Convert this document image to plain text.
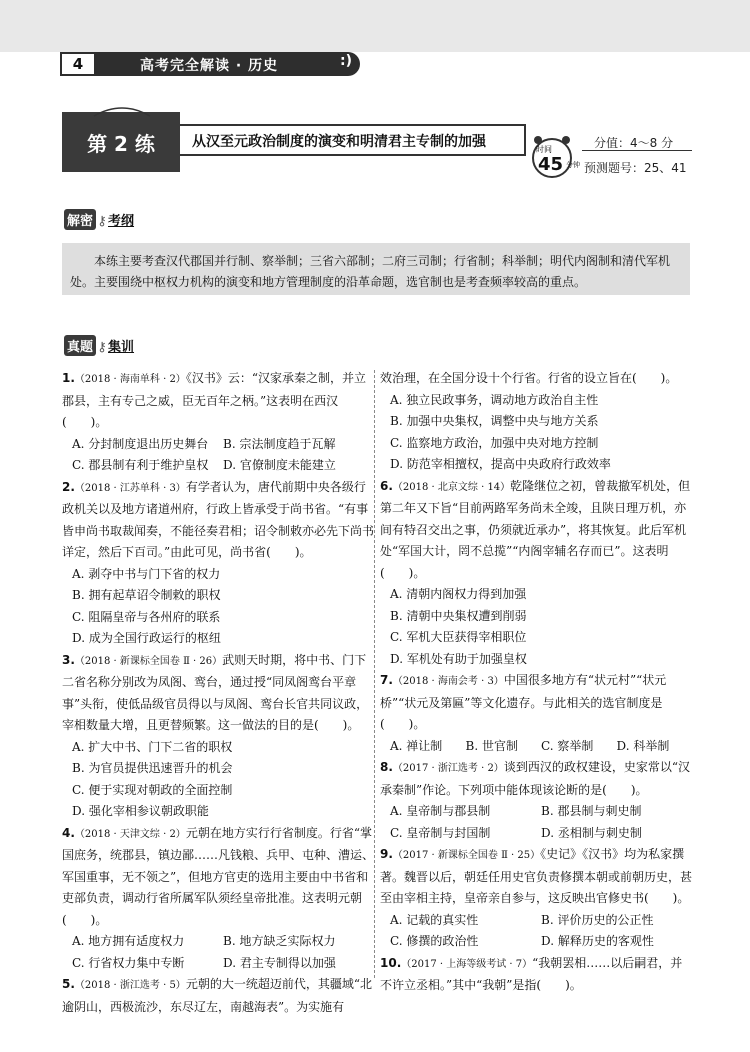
4	高考完全解读 · 历史	:)
第 2 练	从汉至元政治制度的演变和明清君主专制的加强	时间
45 分钟
分值：4～8 分
预测题号：25、41
解密 ⚷考纲
本练主要考查汉代郡国并行制、察举制；三省六部制；二府三司制；行省制；科举制；明代内阁制和清代军机处。主要围绕中枢权力机构的演变和地方管理制度的沿革命题，选官制也是考查频率较高的重点。
真题 ⚷集训
1.（2018 · 海南单科 · 2）《汉书》云：“汉家承秦之制，并立郡县，主有专己之威，臣无百年之柄。”这表明在西汉(　　)。
A. 分封制度退出历史舞台	B. 宗法制度趋于瓦解
C. 郡县制有利于维护皇权	D. 官僚制度未能建立
2.（2018 · 江苏单科 · 3）有学者认为，唐代前期中央各级行政机关以及地方诸道州府，行政上皆承受于尚书省。“有事皆申尚书取裁闻奏，不能径奏君相；诏令制敕亦必先下尚书详定，然后下百司。”由此可见，尚书省(　　)。
A. 剥夺中书与门下省的权力
B. 拥有起草诏令制敕的职权
C. 阻隔皇帝与各州府的联系
D. 成为全国行政运行的枢纽
3.（2018 · 新课标全国卷 Ⅱ · 26）武则天时期，将中书、门下二省名称分别改为凤阁、鸾台，通过授“同凤阁鸾台平章事”头衔，使低品级官员得以与凤阁、鸾台长官共同议政，宰相数量大增，且更替频繁。这一做法的目的是(　　)。
A. 扩大中书、门下二省的职权
B. 为官员提供迅速晋升的机会
C. 便于实现对朝政的全面控制
D. 强化宰相参议朝政职能
4.（2018 · 天津文综 · 2）元朝在地方实行行省制度。行省“掌国庶务，统郡县，镇边鄙……凡钱粮、兵甲、屯种、漕运、军国重事，无不领之”，但地方官吏的选用主要由中书省和吏部负责，调动行省所属军队须经皇帝批准。这表明元朝(　　)。
A. 地方拥有适度权力	B. 地方缺乏实际权力
C. 行省权力集中专断	D. 君主专制得以加强
5.（2018 · 浙江选考 · 5）元朝的大一统超迈前代，其疆域“北逾阴山，西极流沙，东尽辽左，南越海表”。为实施有
效治理，在全国分设十个行省。行省的设立旨在(　　)。
A. 独立民政事务，调动地方政治自主性
B. 加强中央集权，调整中央与地方关系
C. 监察地方政治，加强中央对地方控制
D. 防范宰相擅权，提高中央政府行政效率
6.（2018 · 北京文综 · 14）乾隆继位之初，曾裁撤军机处，但第二年又下旨“目前两路军务尚未全竣，且陕日理万机，亦间有特召交出之事，仍须就近承办”，将其恢复。此后军机处“军国大计，罔不总揽”“内阁宰辅名存而已”。这表明(　　)。
A. 清朝内阁权力得到加强
B. 清朝中央集权遭到削弱
C. 军机大臣获得宰相职位
D. 军机处有助于加强皇权
7.（2018 · 海南会考 · 3）中国很多地方有“状元村”“状元桥”“状元及第匾”等文化遗存。与此相关的选官制度是(　　)。
A. 禅让制	B. 世官制	C. 察举制	D. 科举制
8.（2017 · 浙江选考 · 2）谈到西汉的政权建设，史家常以“汉承秦制”作论。下列项中能体现该论断的是(　　)。
A. 皇帝制与郡县制	B. 郡县制与刺史制
C. 皇帝制与封国制	D. 丞相制与刺史制
9.（2017 · 新课标全国卷 Ⅱ · 25）《史记》《汉书》均为私家撰著。魏晋以后，朝廷任用史官负责修撰本朝或前朝历史，甚至由宰相主持，皇帝亲自参与，这反映出官修史书(　　)。
A. 记载的真实性	B. 评价历史的公正性
C. 修撰的政治性	D. 解释历史的客观性
10.（2017 · 上海等级考试 · 7）“我朝罢相……以后嗣君，并不许立丞相。”其中“我朝”是指(　　)。
